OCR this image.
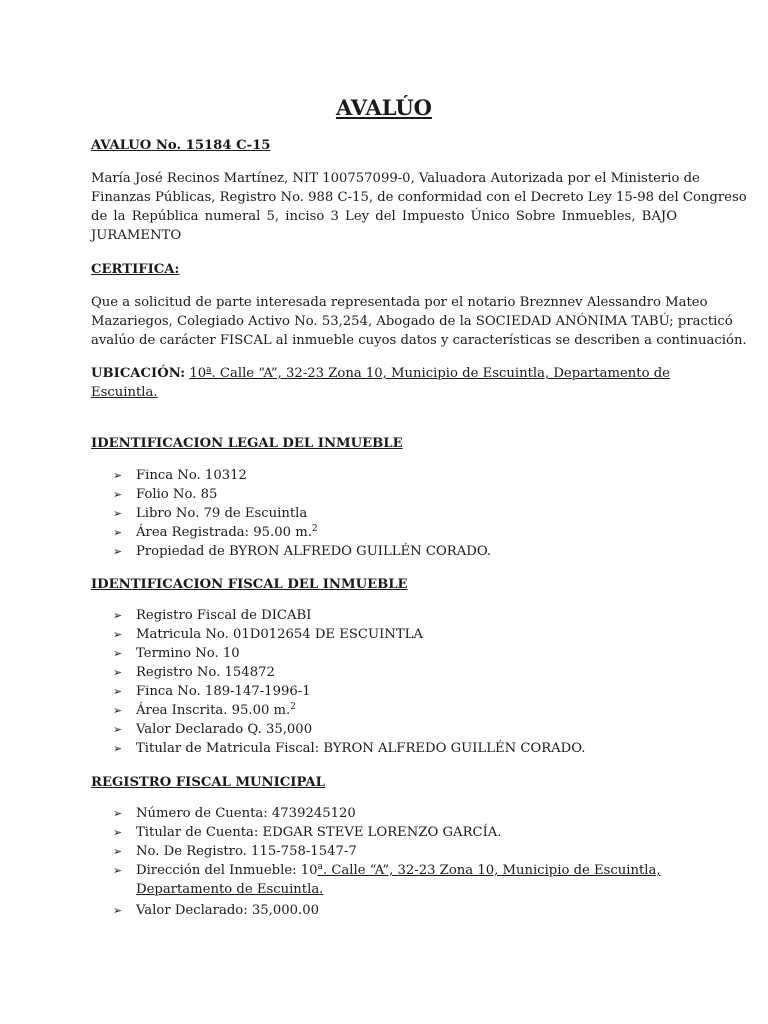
AVALÚO
AVALUO No. 15184 C-15
María José Recinos Martínez, NIT 100757099-0, Valuadora Autorizada por el Ministerio de
Finanzas Públicas, Registro No. 988 C-15, de conformidad con el Decreto Ley 15-98 del Congreso
de la República numeral 5, inciso 3 Ley del Impuesto Único Sobre Inmuebles, BAJO
JURAMENTO
CERTIFICA:
Que a solicitud de parte interesada representada por el notario Breznnev Alessandro Mateo
Mazariegos, Colegiado Activo No. 53,254, Abogado de la SOCIEDAD ANÓNIMA TABÚ; practicó
avalúo de carácter FISCAL al inmueble cuyos datos y características se describen a continuación.
UBICACIÓN: 10$^a$. Calle “A”, 32-23 Zona 10, Municipio de Escuintla, Departamento de
Escuintla.
IDENTIFICACION LEGAL DEL INMUEBLE
➢ Finca No. 10312
➢ Folio No. 85
➢ Libro No. 79 de Escuintla
➢ Área Registrada: 95.00 m.$^2$
➢ Propiedad de BYRON ALFREDO GUILLÉN CORADO.
IDENTIFICACION FISCAL DEL INMUEBLE
➢ Registro Fiscal de DICABI
➢ Matricula No. 01D012654 DE ESCUINTLA
➢ Termino No. 10
➢ Registro No. 154872
➢ Finca No. 189-147-1996-1
➢ Área Inscrita. 95.00 m.$^2$
➢ Valor Declarado Q. 35,000
➢ Titular de Matricula Fiscal: BYRON ALFREDO GUILLÉN CORADO.
REGISTRO FISCAL MUNICIPAL
➢ Número de Cuenta: 4739245120
➢ Titular de Cuenta: EDGAR STEVE LORENZO GARCÍA.
➢ No. De Registro. 115-758-1547-7
➢ Dirección del Inmueble: 10$^a$. Calle “A”, 32-23 Zona 10, Municipio de Escuintla,
Departamento de Escuintla.
➢ Valor Declarado: 35,000.00
